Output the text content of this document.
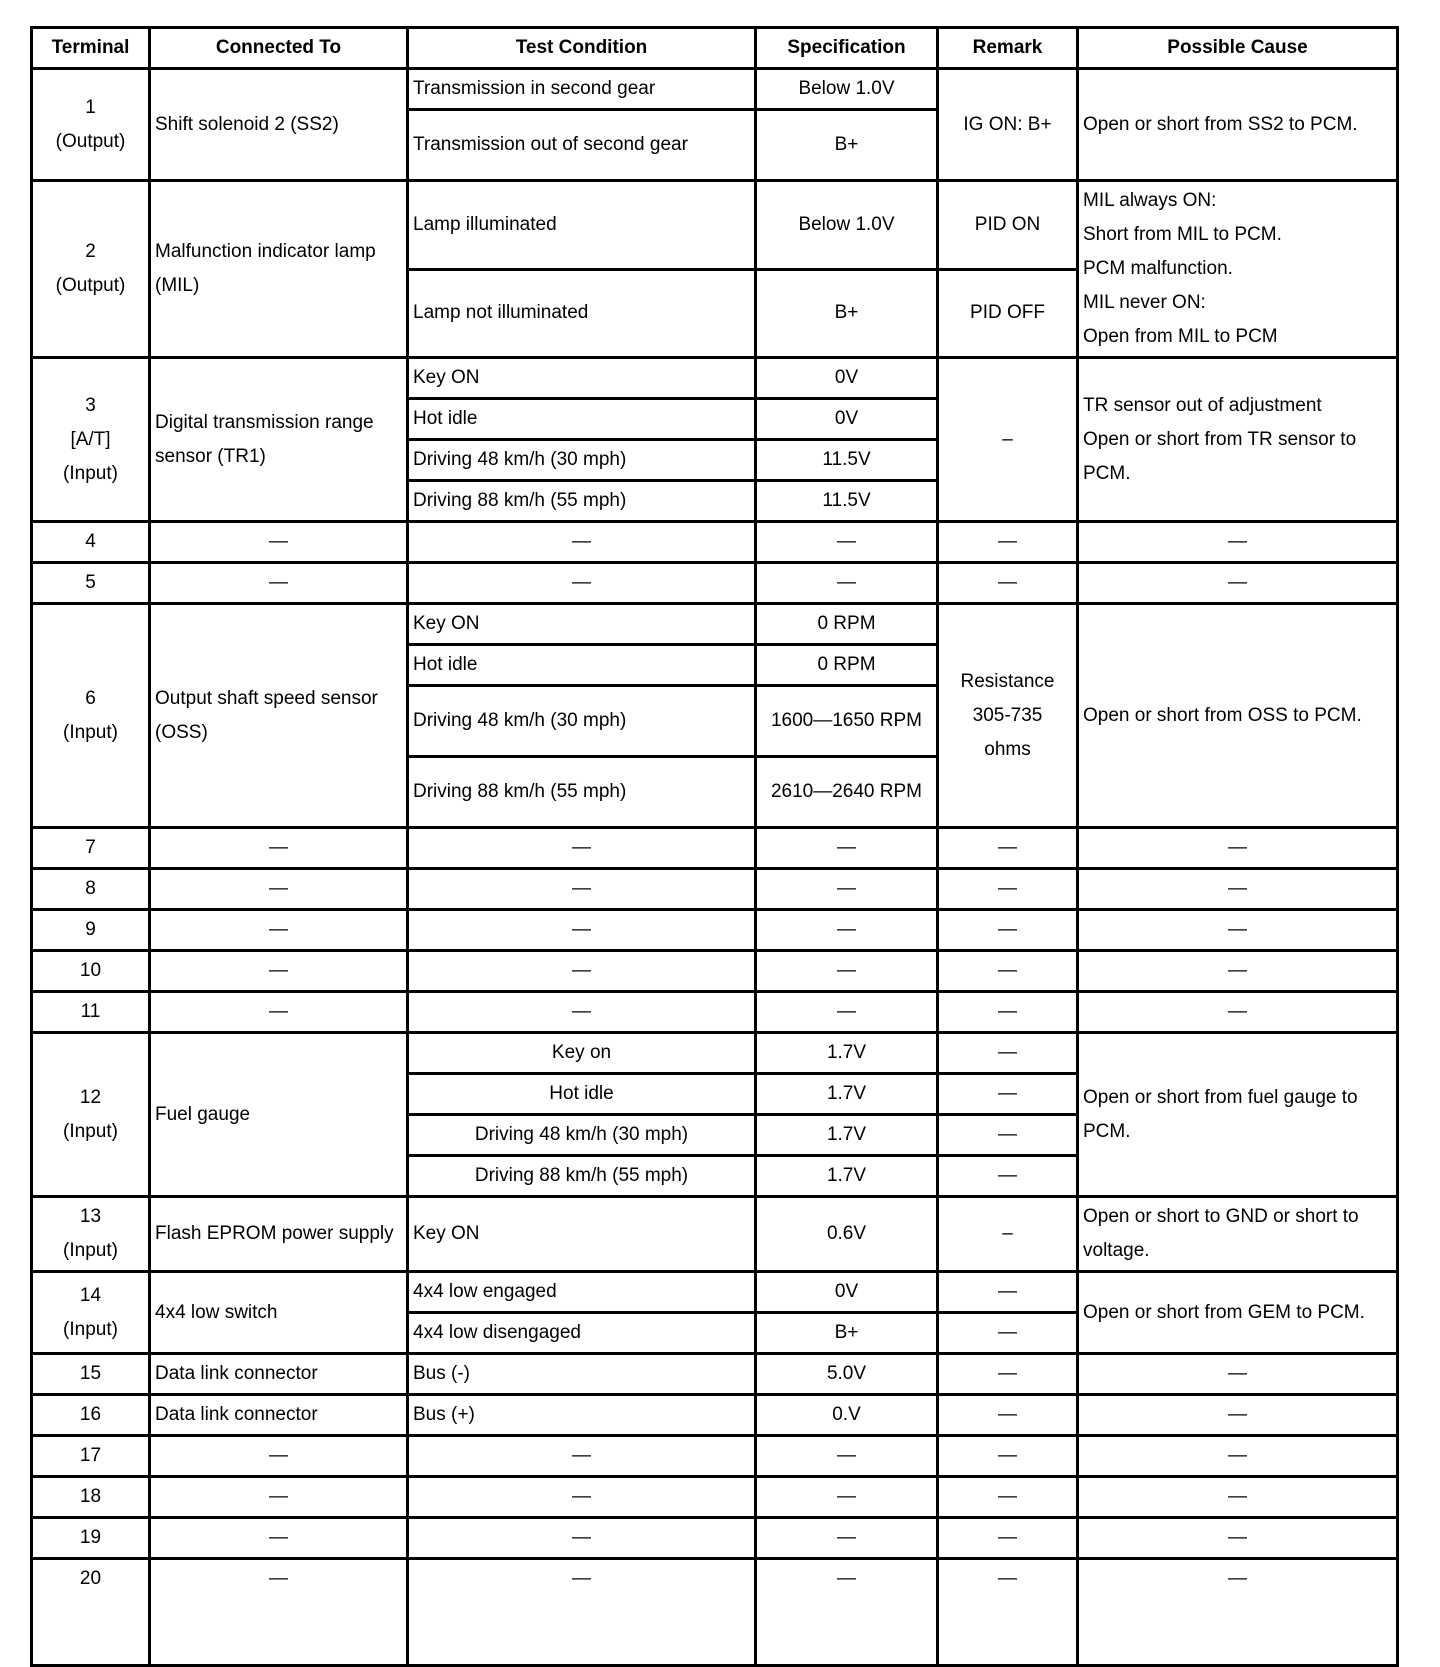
Terminal	Connected To	Test Condition	Specification	Remark	Possible Cause

1
(Output)	Shift solenoid 2 (SS2)	Transmission in second gear	Below 1.0V	IG ON: B+	Open or short from SS2 to PCM.
		Transmission out of second gear	B+		

2
(Output)	Malfunction indicator lamp (MIL)	Lamp illuminated	Below 1.0V	PID ON	MIL always ON:
Short from MIL to PCM.
PCM malfunction.
MIL never ON:
Open from MIL to PCM

		Lamp not illuminated	B+	PID OFF	

3
[A/T]
(Input)	Digital transmission range sensor (TR1)	Key ON	0V	–	TR sensor out of adjustment
Open or short from TR sensor to PCM.

		Hot idle	0V		
		Driving 48 km/h (30 mph)	11.5V		
		Driving 88 km/h (55 mph)	11.5V		
4	—	—	—	—	—
5	—	—	—	—	—

6
(Input)	Output shaft speed sensor (OSS)	Key ON	0 RPM	Resistance
305-735
ohms	Open or short from OSS to PCM.
		Hot idle	0 RPM		
		Driving 48 km/h (30 mph)	1600—1650 RPM		
		Driving 88 km/h (55 mph)	2610—2640 RPM		
7	—	—	—	—	—
8	—	—	—	—	—
9	—	—	—	—	—
10	—	—	—	—	—
11	—	—	—	—	—

12
(Input)	Fuel gauge	Key on	1.7V	—	Open or short from fuel gauge to PCM.
		Hot idle	1.7V	—	
		Driving 48 km/h (30 mph)	1.7V	—	
		Driving 88 km/h (55 mph)	1.7V	—	

13
(Input)	Flash EPROM power supply	Key ON	0.6V	–	Open or short to GND or short to voltage.

14
(Input)	4x4 low switch	4x4 low engaged	0V	—	Open or short from GEM to PCM.
		4x4 low disengaged	B+	—	
15	Data link connector	Bus (-)	5.0V	—	—
16	Data link connector	Bus (+)	0.V	—	—
17	—	—	—	—	—
18	—	—	—	—	—
19	—	—	—	—	—
20	—	—	—	—	—
